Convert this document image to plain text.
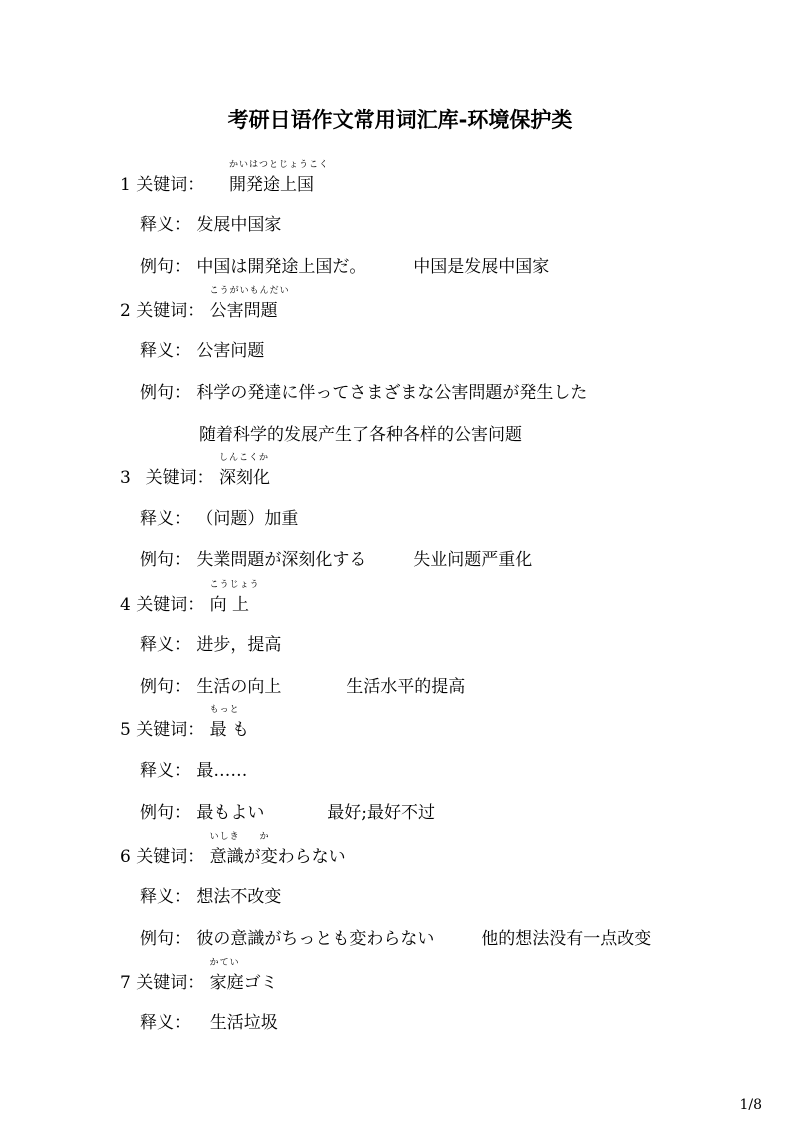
考研日语作文常用词汇库-环境保护类
1 关键词：
かいはつとじょうこく
開発途上国
释义： 发展中国家
例句： 中国は開発途上国だ。	中国是发展中国家
2 关键词：
こうがいもんだい
公害問題
释义： 公害问题
例句： 科学の発達に伴ってさまざまな公害問題が発生した
随着科学的发展产生了各种各样的公害问题
3 关键词：
しんこくか
深刻化
释义： （问题）加重
例句： 失業問題が深刻化する	失业问题严重化
4 关键词：
こうじょう
向 上
释义： 进步，提高
例句： 生活の向上	生活水平的提高
5 关键词：
もっと
最 も
释义： 最……
例句： 最もよい	最好;最好不过
6 关键词：
いしき　　か
意識が変わらない
释义： 想法不改变
例句： 彼の意識がちっとも変わらない	他的想法没有一点改变
7 关键词：
かてい
家庭ゴミ
释义： 生活垃圾
1/8
